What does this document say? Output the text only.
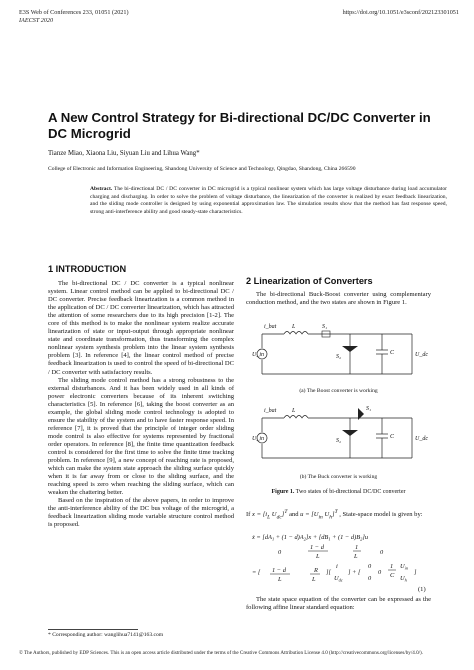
E3S Web of Conferences 233, 01051 (2021)
IAECST 2020
https://doi.org/10.1051/e3sconf/202123301051
A New Control Strategy for Bi-directional DC/DC Converter in DC Microgrid
Tianze Miao, Xiaona Liu, Siyuan Liu and Lihua Wang*
College of Electronic and Information Engineering, Shandong University of Science and Technology, Qingdao, Shandong, China 266590
Abstract. The bi-directional DC / DC converter in DC microgrid is a typical nonlinear system which has large voltage disturbance during load accumulator charging and discharging. In order to solve the problem of voltage disturbance, the linearization of the converter is realized by exact feedback linearization, and the sliding mode controller is designed by using exponential approximation law. The simulation results show that the method has fast response speed, strong anti-interference ability and good steady-state characteristics.
1 INTRODUCTION

The bi-directional DC / DC converter is a typical nonlinear system. Linear control method can be applied to bi-directional DC / DC converter. Precise feedback linearization is a common method in the application of DC / DC converter linearization, which has attracted the attention of some researchers due to its high precision [1-2]. The core of this method is to make the nonlinear system realize accurate linearization of state or input-output through appropriate nonlinear state and coordinate transformation, thus transforming the complex nonlinear system synthesis problem into the linear system synthesis problem [3]. In reference [4], the linear control method of precise feedback linearization is used to control the speed of bi-directional DC / DC converter with satisfactory results.

The sliding mode control method has a strong robustness to the external disturbances. And it has been widely used in all kinds of power electronic converters because of its inherent switching characteristics [5]. In reference [6], taking the boost converter as an example, the global sliding mode control technology is adopted to ensure the stability of the system and to have faster response speed. In reference [7], it is proved that the principle of integer order sliding mode control is also effective for systems represented by fractional order operators. In reference [8], the finite time quantization feedback control is considered for the first time to solve the finite time tracking problem. In reference [9], a new concept of reaching rate is proposed, which can make the system state approach the sliding surface quickly when it is far away from or close to the sliding surface, and the reaching speed is zero when reaching the sliding surface, which can weaken the chattering better.

Based on the inspiration of the above papers, in order to improve the anti-interference ability of the DC bus voltage of the microgrid, a feedback linearization sliding mode variable structure control method is proposed.

2 Linearization of Converters

The bi-directional Buck-Boost converter using complementary conduction method, and the two states are shown in Figure 1.

i_bat	L	S₁
S₂
U_in	C	U_dc
(a) The Boost converter is working
i_bat	L	S₁
S₂
U_in	C	U_dc
(b) The Buck converter is working
Figure 1. Two states of bi-directional DC/DC converter
If $x = [i_L$ $U_{dc}]^T$ and $u = [U_{in}$ $U_h]^T$ , State-space model is given by:
ẋ = $[dA_1 + (1 - d)A_2]x + [dB_1 + (1 - d)B_2]u$
0
1 − d
L
1
L
0
= [ 1 − d
L
R
L
][
i
$U_{dc}$
] + [
0
0
0
1
C
$U_{in}$
$U_h$
]
(1)

The state space equation of the converter can be expressed as the following affine linear standard equation:

* Corresponding author: wanglihua7141@163.com
© The Authors, published by EDP Sciences. This is an open access article distributed under the terms of the Creative Commons Attribution License 4.0 (http://creativecommons.org/licenses/by/4.0/).
